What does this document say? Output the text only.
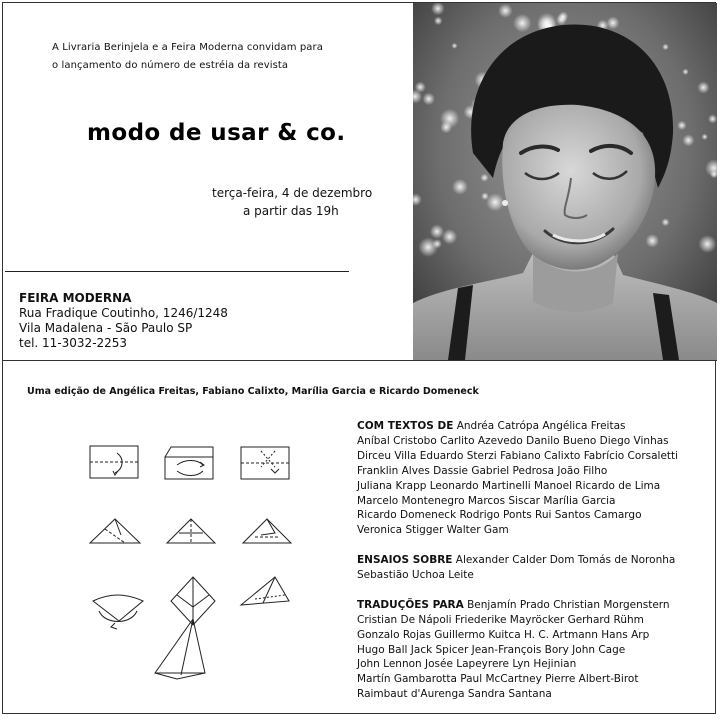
A Livraria Berinjela e a Feira Moderna convidam para
o lançamento do número de estréia da revista
modo de usar & co.
terça-feira, 4 de dezembro
a partir das 19h
FEIRA MODERNA
Rua Fradique Coutinho, 1246/1248
Vila Madalena - São Paulo SP
tel. 11-3032-2253
Uma edição de Angélica Freitas, Fabiano Calixto, Marília Garcia e Ricardo Domeneck
COM TEXTOS DE Andréa Catrópa Angélica Freitas
Aníbal Cristobo Carlito Azevedo Danilo Bueno Diego Vinhas
Dirceu Villa Eduardo Sterzi Fabiano Calixto Fabrício Corsaletti
Franklin Alves Dassie Gabriel Pedrosa João Filho
Juliana Krapp Leonardo Martinelli Manoel Ricardo de Lima
Marcelo Montenegro Marcos Siscar Marília Garcia
Ricardo Domeneck Rodrigo Ponts Rui Santos Camargo
Veronica Stigger Walter Gam
ENSAIOS SOBRE Alexander Calder Dom Tomás de Noronha
Sebastião Uchoa Leite
TRADUÇÕES PARA Benjamín Prado Christian Morgenstern
Cristian De Nápoli Friederike Mayröcker Gerhard Rühm
Gonzalo Rojas Guillermo Kuitca H. C. Artmann Hans Arp
Hugo Ball Jack Spicer Jean-François Bory John Cage
John Lennon Josée Lapeyrere Lyn Hejinian
Martín Gambarotta Paul McCartney Pierre Albert-Birot
Raimbaut d'Aurenga Sandra Santana
